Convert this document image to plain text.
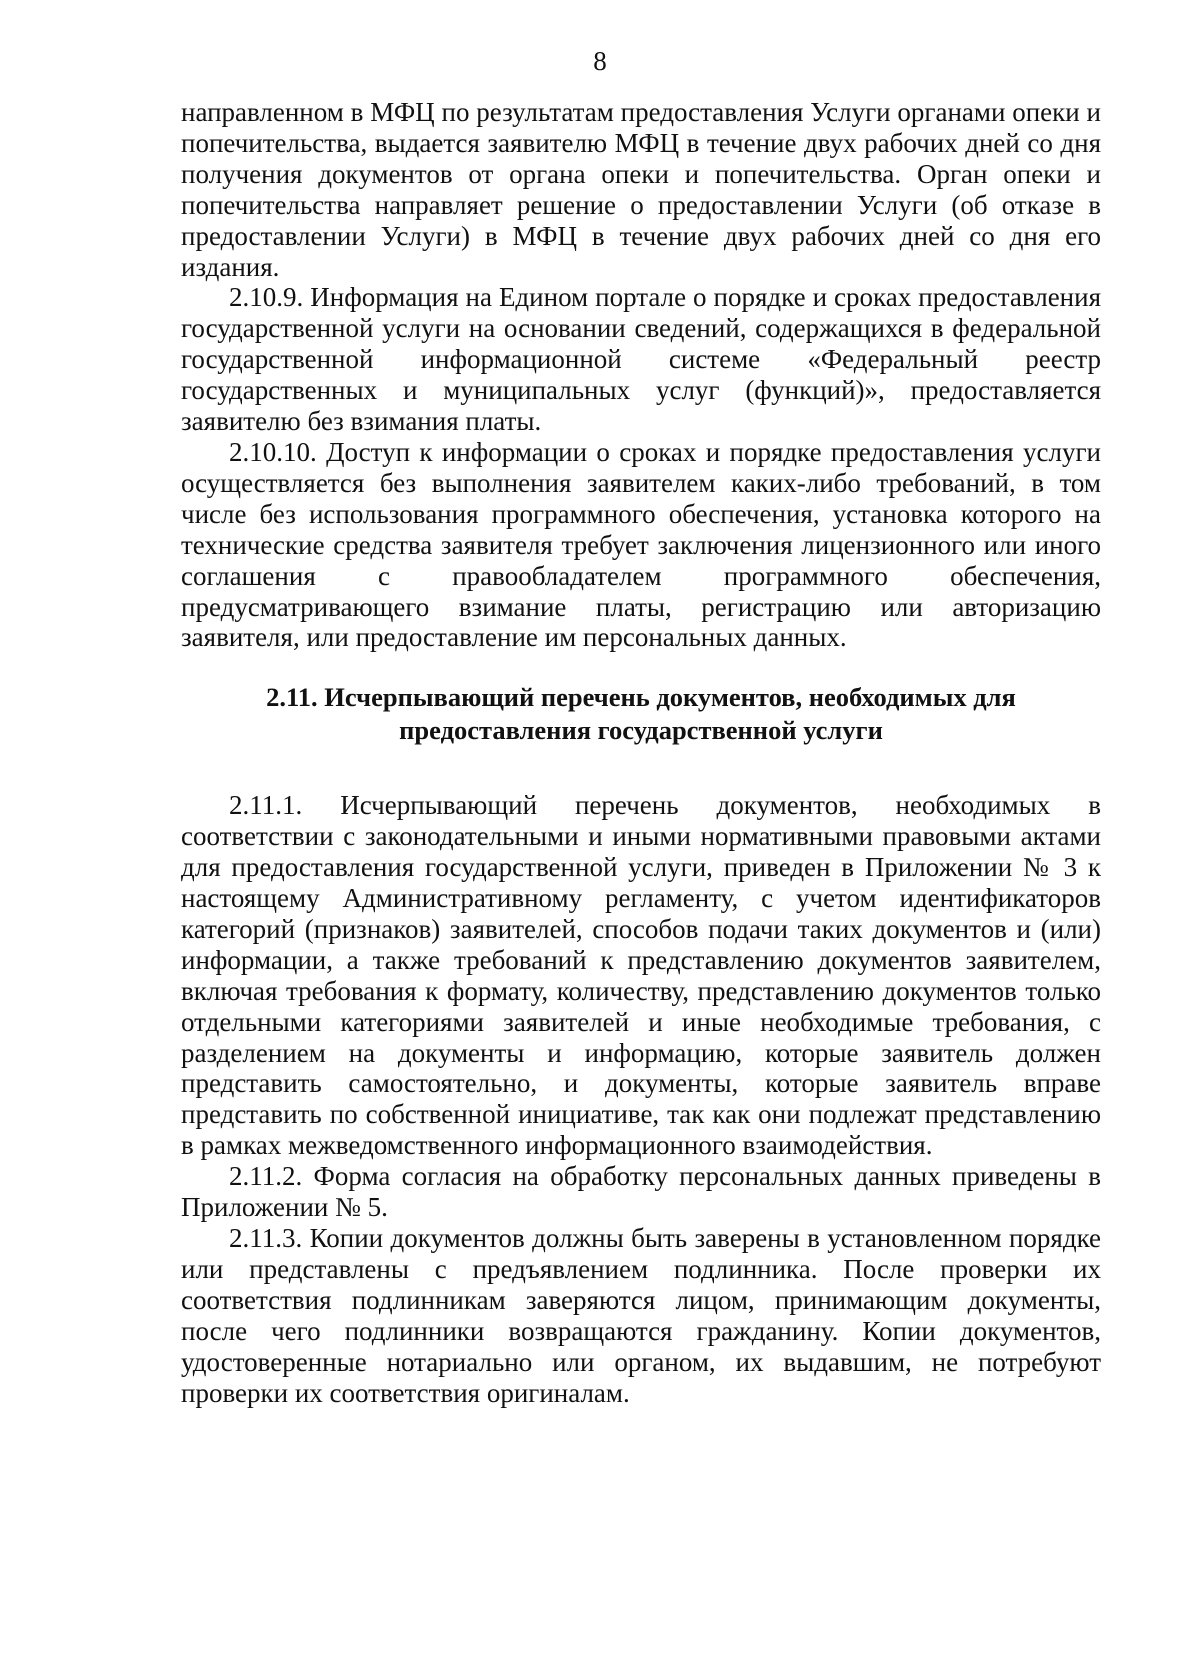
8

направленном в МФЦ по результатам предоставления Услуги органами опеки и попечительства, выдается заявителю МФЦ в течение двух рабочих дней со дня получения документов от органа опеки и попечительства. Орган опеки и попечительства направляет решение о предоставлении Услуги (об отказе в предоставлении Услуги) в МФЦ в течение двух рабочих дней со дня его издания.

2.10.9. Информация на Едином портале о порядке и сроках предоставления государственной услуги на основании сведений, содержащихся в федеральной государственной информационной системе «Федеральный реестр государственных и муниципальных услуг (функций)», предоставляется заявителю без взимания платы.

2.10.10. Доступ к информации о сроках и порядке предоставления услуги осуществляется без выполнения заявителем каких-либо требований, в том числе без использования программного обеспечения, установка которого на технические средства заявителя требует заключения лицензионного или иного соглашения с правообладателем программного обеспечения, предусматривающего взимание платы, регистрацию или авторизацию заявителя, или предоставление им персональных данных.

2.11. Исчерпывающий перечень документов, необходимых для
предоставления государственной услуги

2.11.1. Исчерпывающий перечень документов, необходимых в соответствии с законодательными и иными нормативными правовыми актами для предоставления государственной услуги, приведен в Приложении № 3 к настоящему Административному регламенту, с учетом идентификаторов категорий (признаков) заявителей, способов подачи таких документов и (или) информации, а также требований к представлению документов заявителем, включая требования к формату, количеству, представлению документов только отдельными категориями заявителей и иные необходимые требования, с разделением на документы и информацию, которые заявитель должен представить самостоятельно, и документы, которые заявитель вправе представить по собственной инициативе, так как они подлежат представлению в рамках межведомственного информационного взаимодействия.

2.11.2. Форма согласия на обработку персональных данных приведены в Приложении № 5.

2.11.3. Копии документов должны быть заверены в установленном порядке или представлены с предъявлением подлинника. После проверки их соответствия подлинникам заверяются лицом, принимающим документы, после чего подлинники возвращаются гражданину. Копии документов, удостоверенные нотариально или органом, их выдавшим, не потребуют проверки их соответствия оригиналам.
